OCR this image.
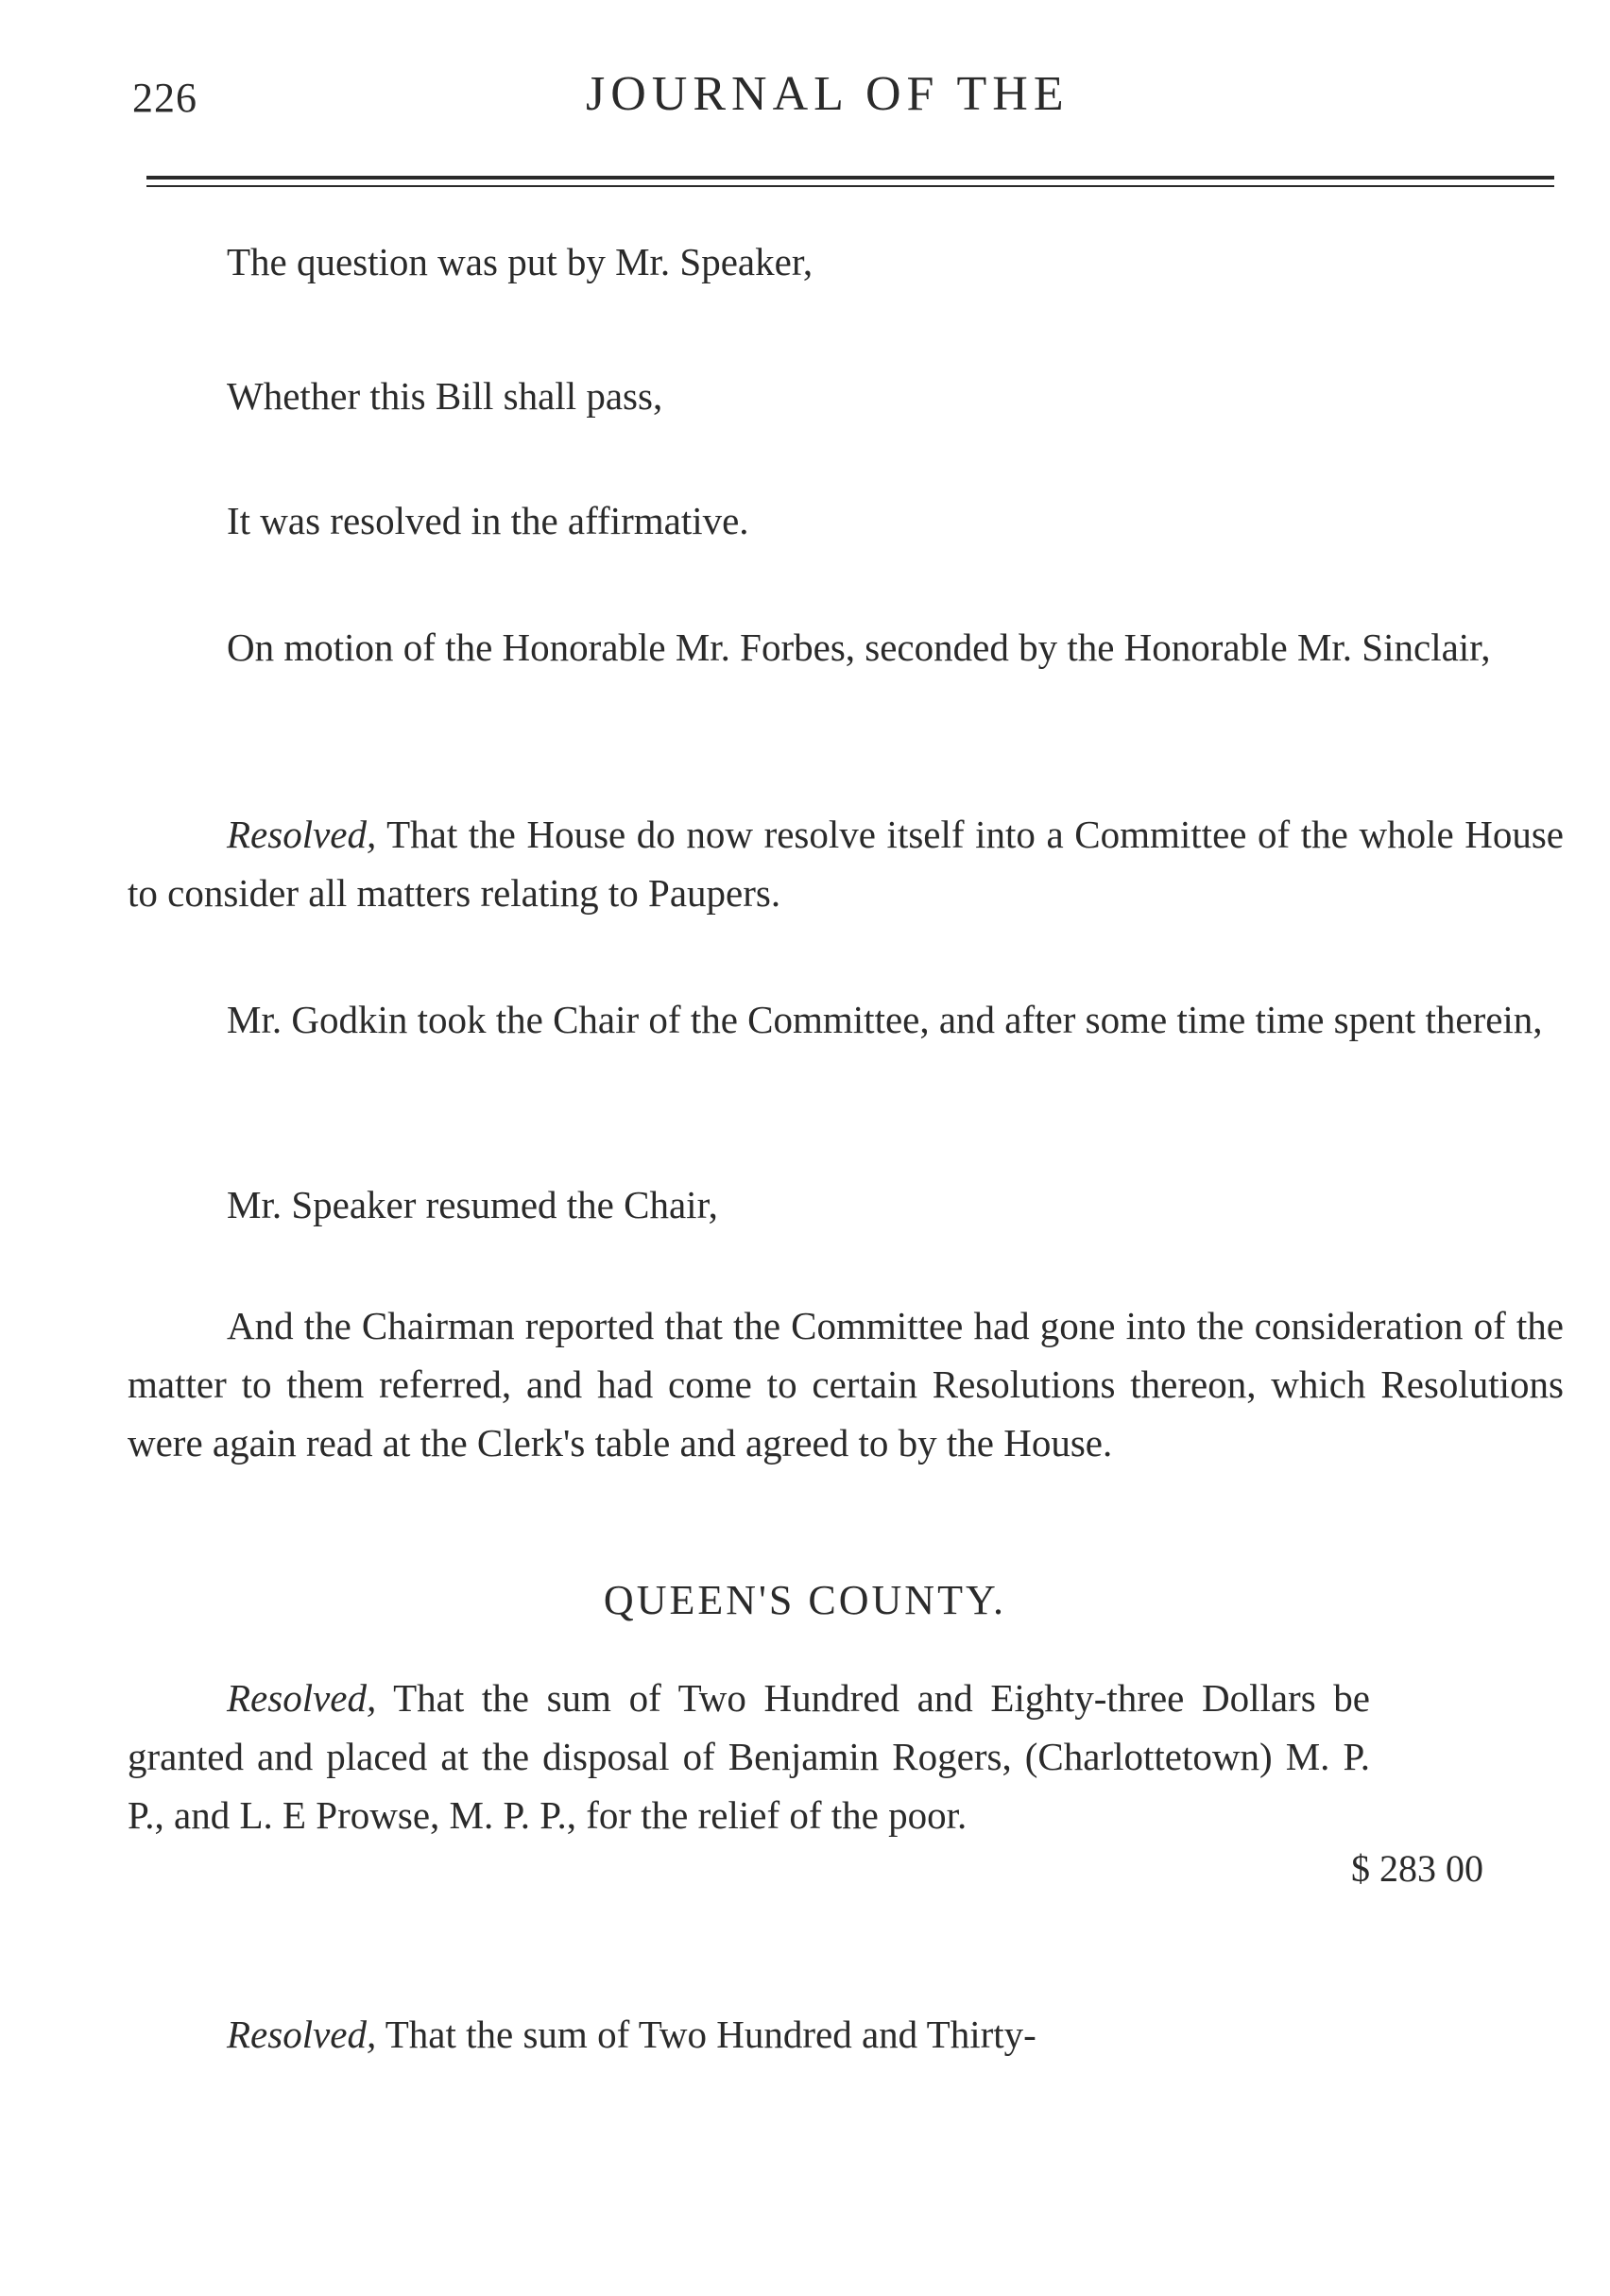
226	JOURNAL OF THE

The question was put by Mr. Speaker,

Whether this Bill shall pass,

It was resolved in the affirmative.

On motion of the Honorable Mr. Forbes, seconded by the Honorable Mr. Sinclair,

Resolved, That the House do now resolve itself into a Committee of the whole House to consider all matters relating to Paupers.

Mr. Godkin took the Chair of the Committee, and after some time time spent therein,

Mr. Speaker resumed the Chair,

And the Chairman reported that the Committee had gone into the consideration of the matter to them referred, and had come to certain Resolutions thereon, which Resolutions were again read at the Clerk's table and agreed to by the House.

QUEEN'S COUNTY.

Resolved, That the sum of Two Hundred and Eighty-three Dollars be granted and placed at the disposal of Benjamin Rogers, (Charlottetown) M. P. P., and L. E Prowse, M. P. P., for the relief of the poor.

$ 283 00

Resolved, That the sum of Two Hundred and Thirty-
